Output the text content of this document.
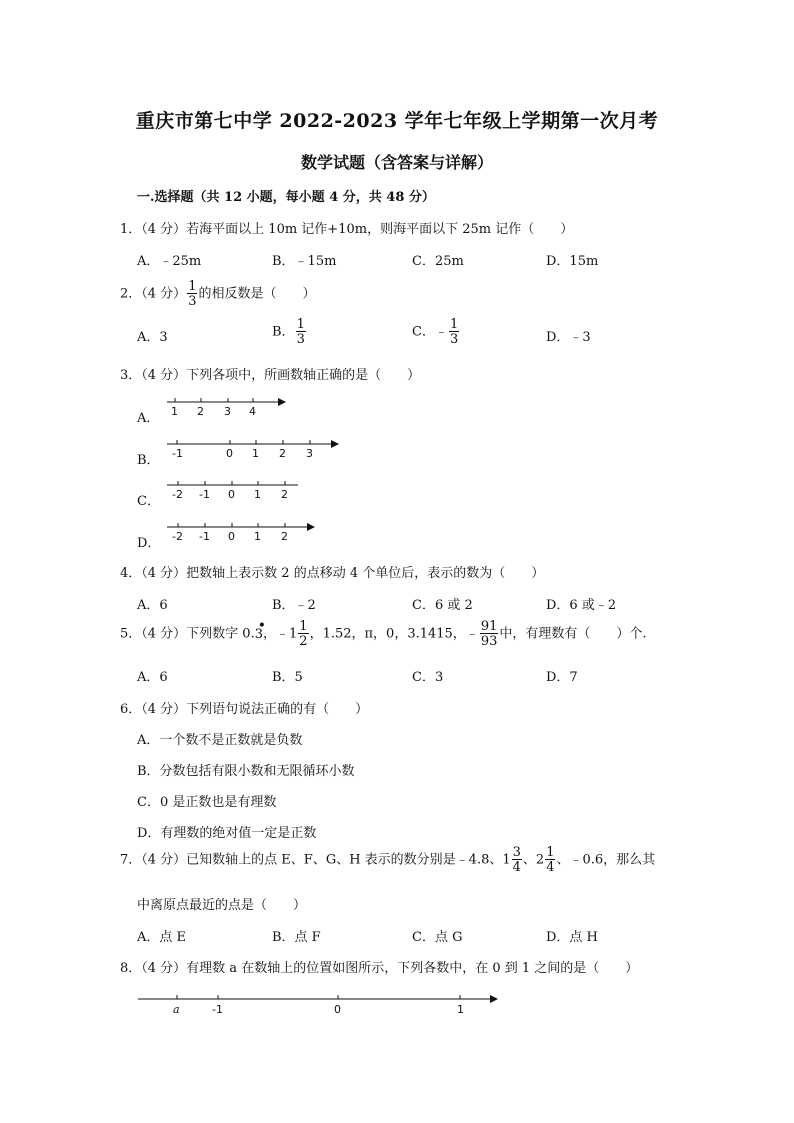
重庆市第七中学 2022-2023 学年七年级上学期第一次月考
数学试题（含答案与详解）
一.选择题（共 12 小题，每小题 4 分，共 48 分）
1．（4 分）若海平面以上 10m 记作+10m，则海平面以下 25m 记作（　　）
A．﹣25m	B．﹣15m	C．25m	D．15m
2．（4 分） $\frac{1}{3}$ 的相反数是（　　）
A．3	B． $\frac{1}{3}$	C．﹣ $\frac{1}{3}$	D．﹣3
3．（4 分）下列各项中，所画数轴正确的是（　　）
A． 1 2 3 4
B． -1	0 1 2 3
C． -2 -1 0 1 2
D． -2 -1 0 1 2
4．（4 分）把数轴上表示数 2 的点移动 4 个单位后，表示的数为（　　）
A．6	B．﹣2	C．6 或 2	D．6 或﹣2
5．（4 分）下列数字 0.
•
3，﹣1 $\frac{1}{2}$ ，1.52，π，0，3.1415，﹣ $\frac{91}{93}$ 中，有理数有（　　）个.
A．6	B．5	C．3	D．7
6．（4 分）下列语句说法正确的有（　　）
A．一个数不是正数就是负数
B．分数包括有限小数和无限循环小数
C．0 是正数也是有理数
D．有理数的绝对值一定是正数
7．（4 分）已知数轴上的点 E、F、G、H 表示的数分别是﹣4.8、$1 \frac{3}{4}$ 、$2 \frac{1}{4}$ 、﹣0.6，那么其
中离原点最近的点是（　　）
A．点 E	B．点 F	C．点 G	D．点 H
8．（4 分）有理数 a 在数轴上的位置如图所示，下列各数中，在 0 到 1 之间的是（　　）
a	-1	0	1
